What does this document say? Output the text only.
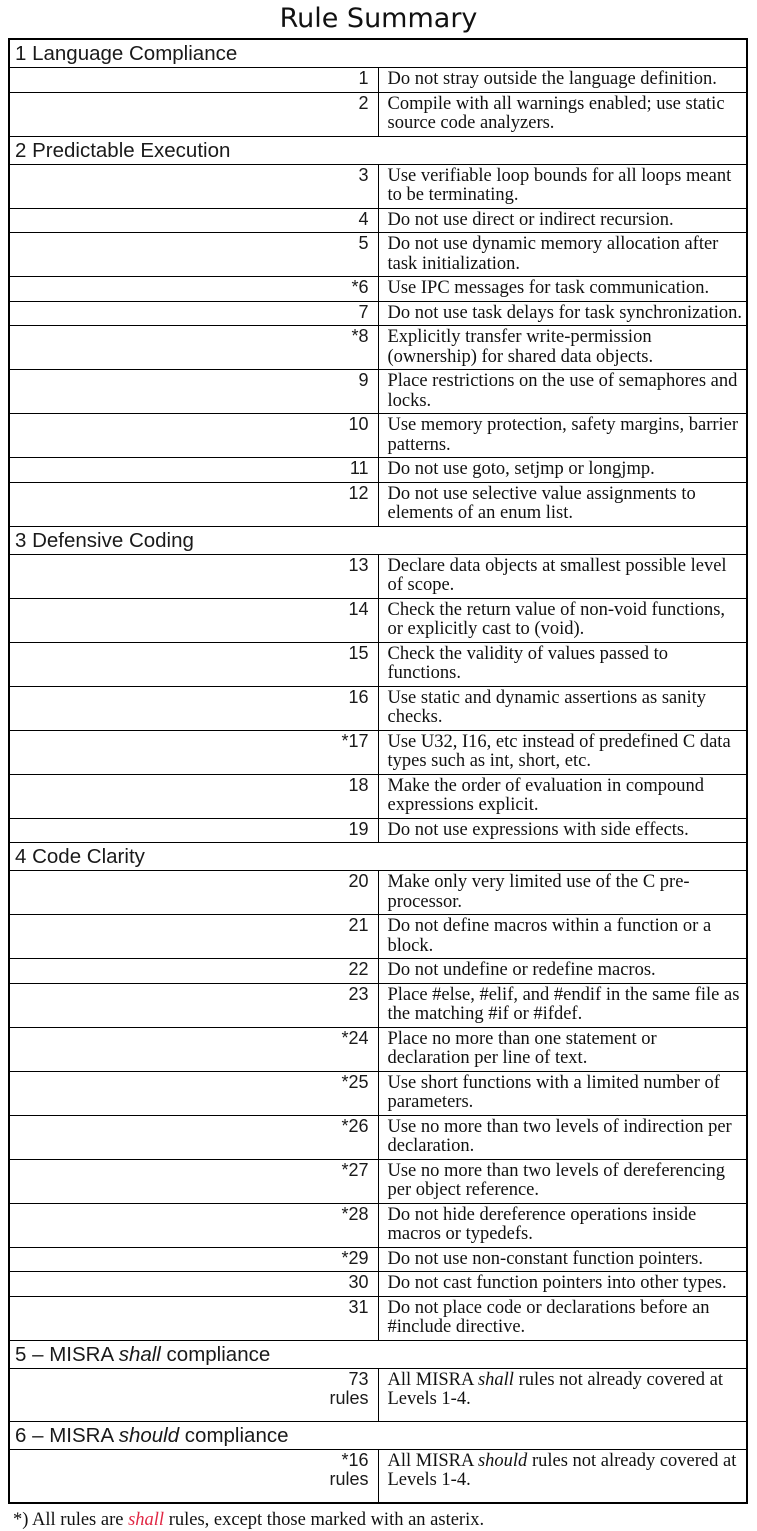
Rule Summary
1 Language Compliance	
1	Do not stray outside the language definition.
2	Compile with all warnings enabled; use static source code analyzers.
2 Predictable Execution	
3	Use verifiable loop bounds for all loops meant to be terminating.
4	Do not use direct or indirect recursion.
5	Do not use dynamic memory allocation after task initialization.
*6	Use IPC messages for task communication.
7	Do not use task delays for task synchronization.
*8	Explicitly transfer write-permission (ownership) for shared data objects.
9	Place restrictions on the use of semaphores and locks.
10	Use memory protection, safety margins, barrier patterns.
11	Do not use goto, setjmp or longjmp.
12	Do not use selective value assignments to elements of an enum list.
3 Defensive Coding	
13	Declare data objects at smallest possible level of scope.
14	Check the return value of non-void functions, or explicitly cast to (void).
15	Check the validity of values passed to functions.
16	Use static and dynamic assertions as sanity checks.
*17	Use U32, I16, etc instead of predefined C data types such as int, short, etc.
18	Make the order of evaluation in compound expressions explicit.
19	Do not use expressions with side effects.
4 Code Clarity	
20	Make only very limited use of the C pre-processor.
21	Do not define macros within a function or a block.
22	Do not undefine or redefine macros.
23	Place #else, #elif, and #endif in the same file as the matching #if or #ifdef.
*24	Place no more than one statement or declaration per line of text.
*25	Use short functions with a limited number of parameters.
*26	Use no more than two levels of indirection per declaration.
*27	Use no more than two levels of dereferencing per object reference.
*28	Do not hide dereference operations inside macros or typedefs.
*29	Do not use non-constant function pointers.
30	Do not cast function pointers into other types.
31	Do not place code or declarations before an #include directive.
5 – MISRA shall compliance	
73
rules	All MISRA shall rules not already covered at Levels 1-4.
6 – MISRA should compliance	
*16
rules	All MISRA should rules not already covered at Levels 1-4.
*) All rules are shall rules, except those marked with an asterix.
